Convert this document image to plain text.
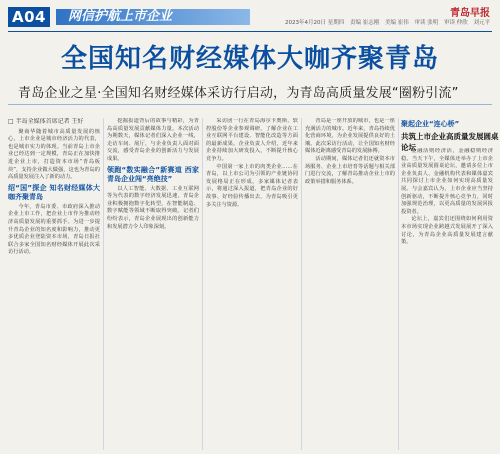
A04	网信护航上市企业	青岛早报
2023年4月20日 星期四 责编 崔志刚 美编 崔伟 审读 张明 审读 仲欣 刘元平
全国知名财经媒体大咖齐聚青岛
青岛企业之星·全国知名财经媒体采访行启动，为青岛高质量发展“圈粉引流”
□ 半岛全媒体首席记者 王好

聚商华随着城市高质量发展的核心，上市企业是城市经济活力的代表，也是城市实力的体现。当前青岛上市企业已经达到一定规模，青岛正在加快推进企业上市，打造资本市场“青岛板块”，支持企业做大做强，这也为青岛的高质量发展注入了新的动力。

绍“国”探企 知名财经媒体大咖齐聚青岛

今年，青岛市委、市政府深入推动企业上市工作，把企业上市作为推动经济高质量发展的重要抓手。为进一步提升青岛企业的知名度和影响力，推动更多优质企业登陆资本市场，青岛日报社联合多家全国知名财经媒体开展此次采访行活动。

挖掘报道背后的故事与精彩，为青岛高质量发展贡献媒体力量。本次活动为期数天，媒体记者们深入企业一线，走访车间、展厅，与企业负责人面对面交流，感受青岛企业的创新活力与发展成果。

领跑“数实融合”新赛道 西家青岛企业闯“亮绝技”

以人工智能、大数据、工业互联网等为代表的数字经济发展迅速，青岛企业积极拥抱数字化转型，在智能制造、数字赋能等领域不断取得突破。记者们纷纷表示，青岛企业展现出的创新能力和发展潜力令人印象深刻。

采访团一行在青岛海尔卡奥斯、软控股份等企业参观调研，了解企业在工业互联网平台建设、智能化改造等方面的最新成果。企业负责人介绍，近年来企业持续加大研发投入，不断提升核心竞争力。

中国第一家上市的肉类企业……在青岛，以上市公司为引领的产业链协同发展格局正在形成。多家媒体记者表示，将通过深入报道，把青岛企业的好故事、好经验传播出去，为青岛吸引更多关注与资源。

青岛是一座开放的城市，也是一座充满活力的城市。近年来，青岛持续优化营商环境，为企业发展提供良好的土壤。此次采访行活动，让全国知名财经媒体近距离感受青岛的发展脉搏。

活动期间，媒体记者们还就资本市场服务、企业上市培育等话题与相关部门进行交流，了解青岛推动企业上市的政策举措和服务体系。

聚起企业“连心桥”
共筑上市企业高质量发展圆桌论坛

金融活则经济活，金融稳则经济稳。当天下午，全媒体还举办了上市企业高质量发展圆桌论坛，邀请多位上市企业负责人、金融机构代表和媒体嘉宾共同探讨上市企业如何实现高质量发展。与会嘉宾认为，上市企业应当坚持创新驱动，不断提升核心竞争力，同时加强规范治理，以更高质量的发展回报投资者。

论坛上，嘉宾们还围绕如何利用资本市场实现企业跨越式发展展开了深入讨论，为青岛企业高质量发展建言献策。
